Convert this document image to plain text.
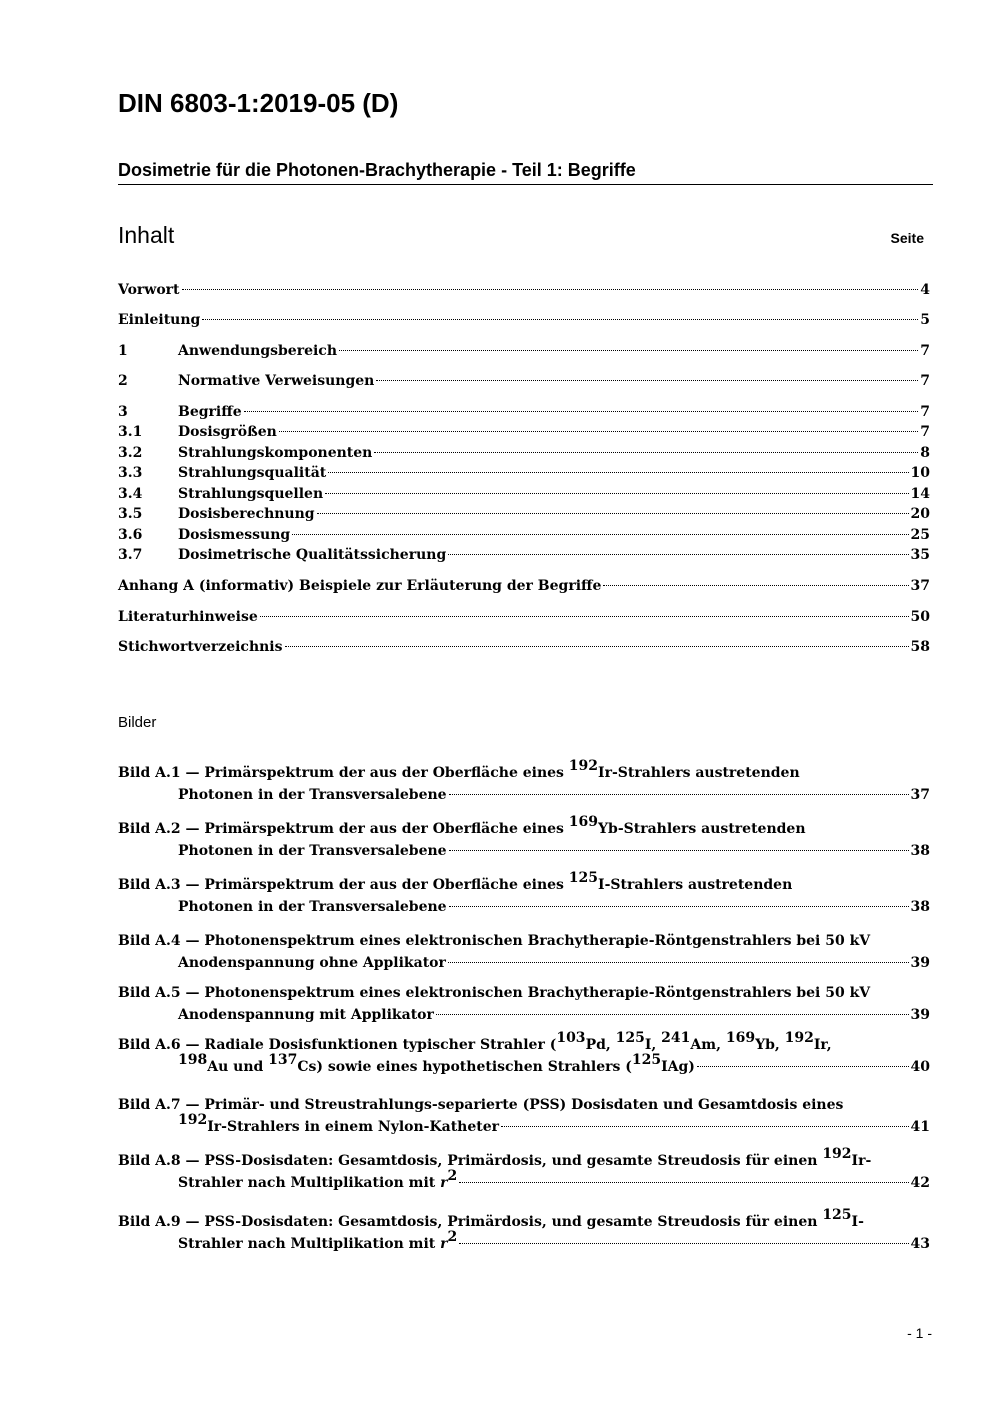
DIN 6803-1:2019-05 (D)
Dosimetrie für die Photonen-Brachytherapie - Teil 1: Begriffe
Inhalt	Seite
Vorwort	4
Einleitung	5
1	Anwendungsbereich	7
2	Normative Verweisungen	7
3	Begriffe	7
3.1	Dosisgrößen	7
3.2	Strahlungskomponenten	8
3.3	Strahlungsqualität	10
3.4	Strahlungsquellen	14
3.5	Dosisberechnung	20
3.6	Dosismessung	25
3.7	Dosimetrische Qualitätssicherung	35
Anhang A (informativ) Beispiele zur Erläuterung der Begriffe	37
Literaturhinweise	50
Stichwortverzeichnis	58
Bilder
Bild A.1 — Primärspektrum der aus der Oberfläche eines $^{192}$Ir-Strahlers austretenden
Photonen in der Transversalebene	37
Bild A.2 — Primärspektrum der aus der Oberfläche eines $^{169}$Yb-Strahlers austretenden
Photonen in der Transversalebene	38
Bild A.3 — Primärspektrum der aus der Oberfläche eines $^{125}$I-Strahlers austretenden
Photonen in der Transversalebene	38
Bild A.4 — Photonenspektrum eines elektronischen Brachytherapie-Röntgenstrahlers bei 50 kV
Anodenspannung ohne Applikator	39
Bild A.5 — Photonenspektrum eines elektronischen Brachytherapie-Röntgenstrahlers bei 50 kV
Anodenspannung mit Applikator	39
Bild A.6 — Radiale Dosisfunktionen typischer Strahler ($^{103}$Pd, $^{125}$I, $^{241}$Am, $^{169}$Yb, $^{192}$Ir,
$^{198}$Au und $^{137}$Cs) sowie eines hypothetischen Strahlers ($^{125}$IAg)	40
Bild A.7 — Primär- und Streustrahlungs-separierte (PSS) Dosisdaten und Gesamtdosis eines
$^{192}$Ir-Strahlers in einem Nylon-Katheter	41
Bild A.8 — PSS-Dosisdaten: Gesamtdosis, Primärdosis, und gesamte Streudosis für einen $^{192}$Ir-
Strahler nach Multiplikation mit $r^2$	42
Bild A.9 — PSS-Dosisdaten: Gesamtdosis, Primärdosis, und gesamte Streudosis für einen $^{125}$I-
Strahler nach Multiplikation mit $r^2$	43
- 1 -
